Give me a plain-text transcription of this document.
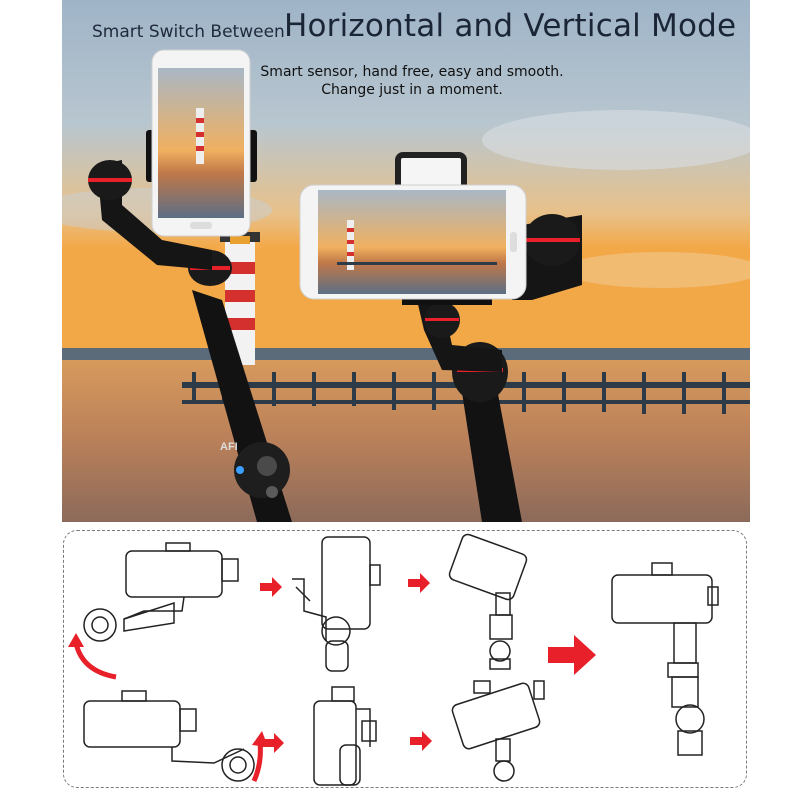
AFI
Smart Switch Between Horizontal and Vertical Mode
Smart sensor, hand free, easy and smooth.
Change just in a moment.
